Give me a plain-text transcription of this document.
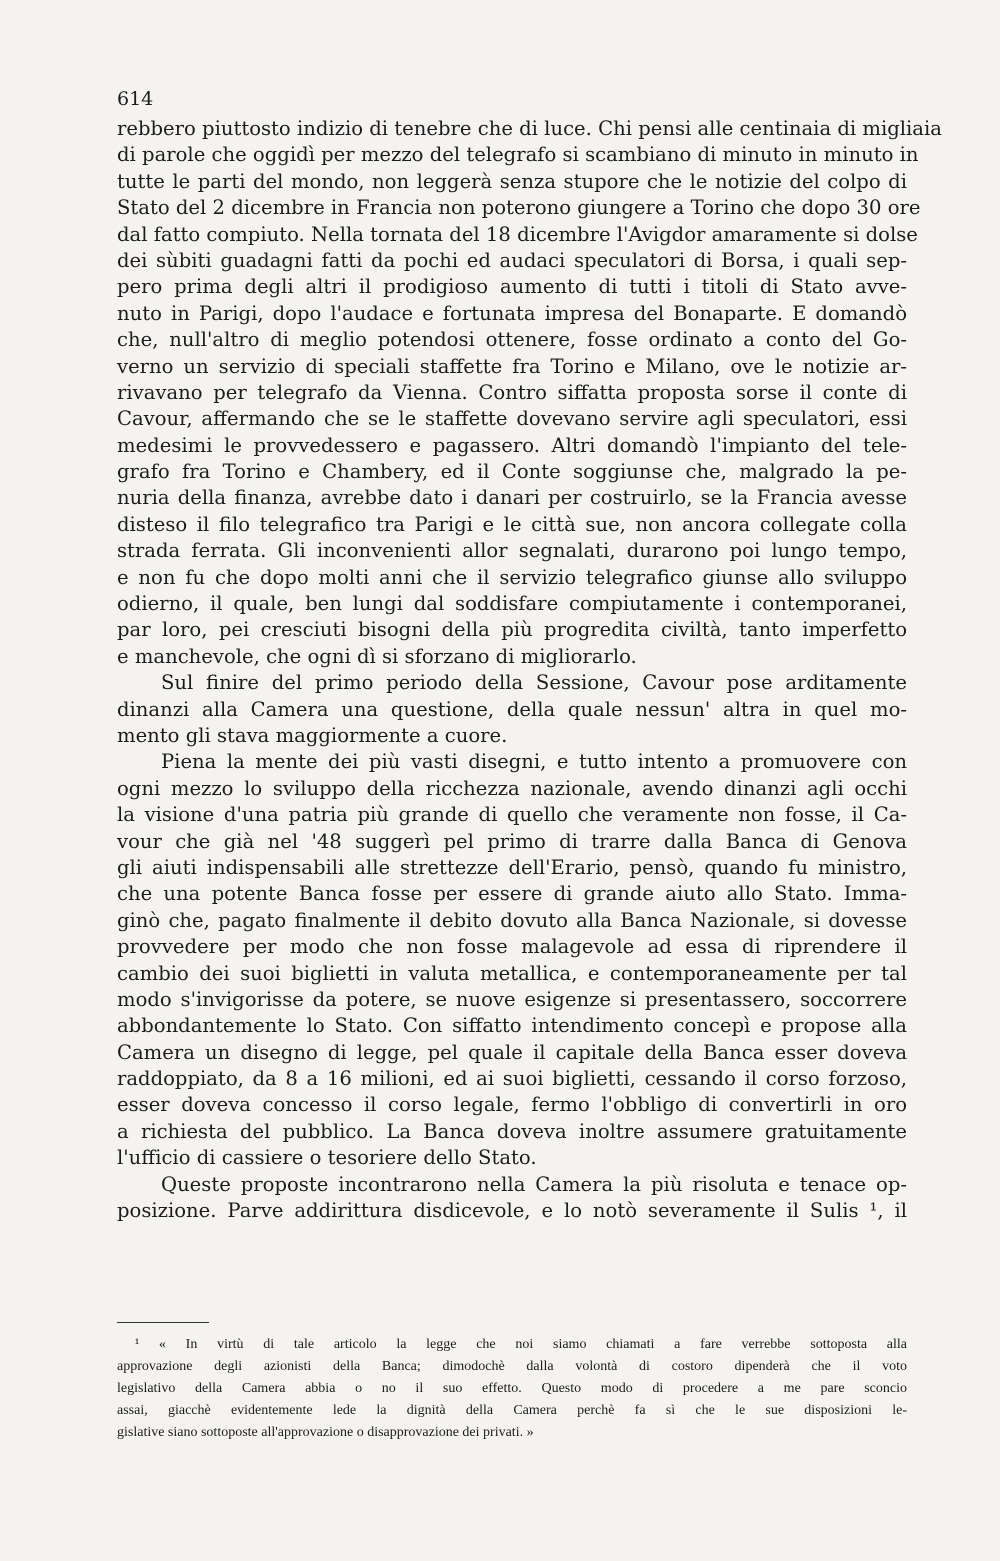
614
rebbero piuttosto indizio di tenebre che di luce. Chi pensi alle centinaia di migliaia
di parole che oggidì per mezzo del telegrafo si scambiano di minuto in minuto in
tutte le parti del mondo, non leggerà senza stupore che le notizie del colpo di
Stato del 2 dicembre in Francia non poterono giungere a Torino che dopo 30 ore
dal fatto compiuto. Nella tornata del 18 dicembre l'Avigdor amaramente si dolse
dei sùbiti guadagni fatti da pochi ed audaci speculatori di Borsa, i quali sep-
pero prima degli altri il prodigioso aumento di tutti i titoli di Stato avve-
nuto in Parigi, dopo l'audace e fortunata impresa del Bonaparte. E domandò
che, null'altro di meglio potendosi ottenere, fosse ordinato a conto del Go-
verno un servizio di speciali staffette fra Torino e Milano, ove le notizie ar-
rivavano per telegrafo da Vienna. Contro siffatta proposta sorse il conte di
Cavour, affermando che se le staffette dovevano servire agli speculatori, essi
medesimi le provvedessero e pagassero. Altri domandò l'impianto del tele-
grafo fra Torino e Chambery, ed il Conte soggiunse che, malgrado la pe-
nuria della finanza, avrebbe dato i danari per costruirlo, se la Francia avesse
disteso il filo telegrafico tra Parigi e le città sue, non ancora collegate colla
strada ferrata. Gli inconvenienti allor segnalati, durarono poi lungo tempo,
e non fu che dopo molti anni che il servizio telegrafico giunse allo sviluppo
odierno, il quale, ben lungi dal soddisfare compiutamente i contemporanei,
par loro, pei cresciuti bisogni della più progredita civiltà, tanto imperfetto
e manchevole, che ogni dì si sforzano di migliorarlo.
Sul finire del primo periodo della Sessione, Cavour pose arditamente
dinanzi alla Camera una questione, della quale nessun' altra in quel mo-
mento gli stava maggiormente a cuore.
Piena la mente dei più vasti disegni, e tutto intento a promuovere con
ogni mezzo lo sviluppo della ricchezza nazionale, avendo dinanzi agli occhi
la visione d'una patria più grande di quello che veramente non fosse, il Ca-
vour che già nel '48 suggerì pel primo di trarre dalla Banca di Genova
gli aiuti indispensabili alle strettezze dell'Erario, pensò, quando fu ministro,
che una potente Banca fosse per essere di grande aiuto allo Stato. Imma-
ginò che, pagato finalmente il debito dovuto alla Banca Nazionale, si dovesse
provvedere per modo che non fosse malagevole ad essa di riprendere il
cambio dei suoi biglietti in valuta metallica, e contemporaneamente per tal
modo s'invigorisse da potere, se nuove esigenze si presentassero, soccorrere
abbondantemente lo Stato. Con siffatto intendimento concepì e propose alla
Camera un disegno di legge, pel quale il capitale della Banca esser doveva
raddoppiato, da 8 a 16 milioni, ed ai suoi biglietti, cessando il corso forzoso,
esser doveva concesso il corso legale, fermo l'obbligo di convertirli in oro
a richiesta del pubblico. La Banca doveva inoltre assumere gratuitamente
l'ufficio di cassiere o tesoriere dello Stato.
Queste proposte incontrarono nella Camera la più risoluta e tenace op-
posizione. Parve addirittura disdicevole, e lo notò severamente il Sulis ¹, il
¹ « In virtù di tale articolo la legge che noi siamo chiamati a fare verrebbe sottoposta alla
approvazione degli azionisti della Banca; dimodochè dalla volontà di costoro dipenderà che il voto
legislativo della Camera abbia o no il suo effetto. Questo modo di procedere a me pare sconcio
assai, giacchè evidentemente lede la dignità della Camera perchè fa sì che le sue disposizioni le-
gislative siano sottoposte all'approvazione o disapprovazione dei privati. »
